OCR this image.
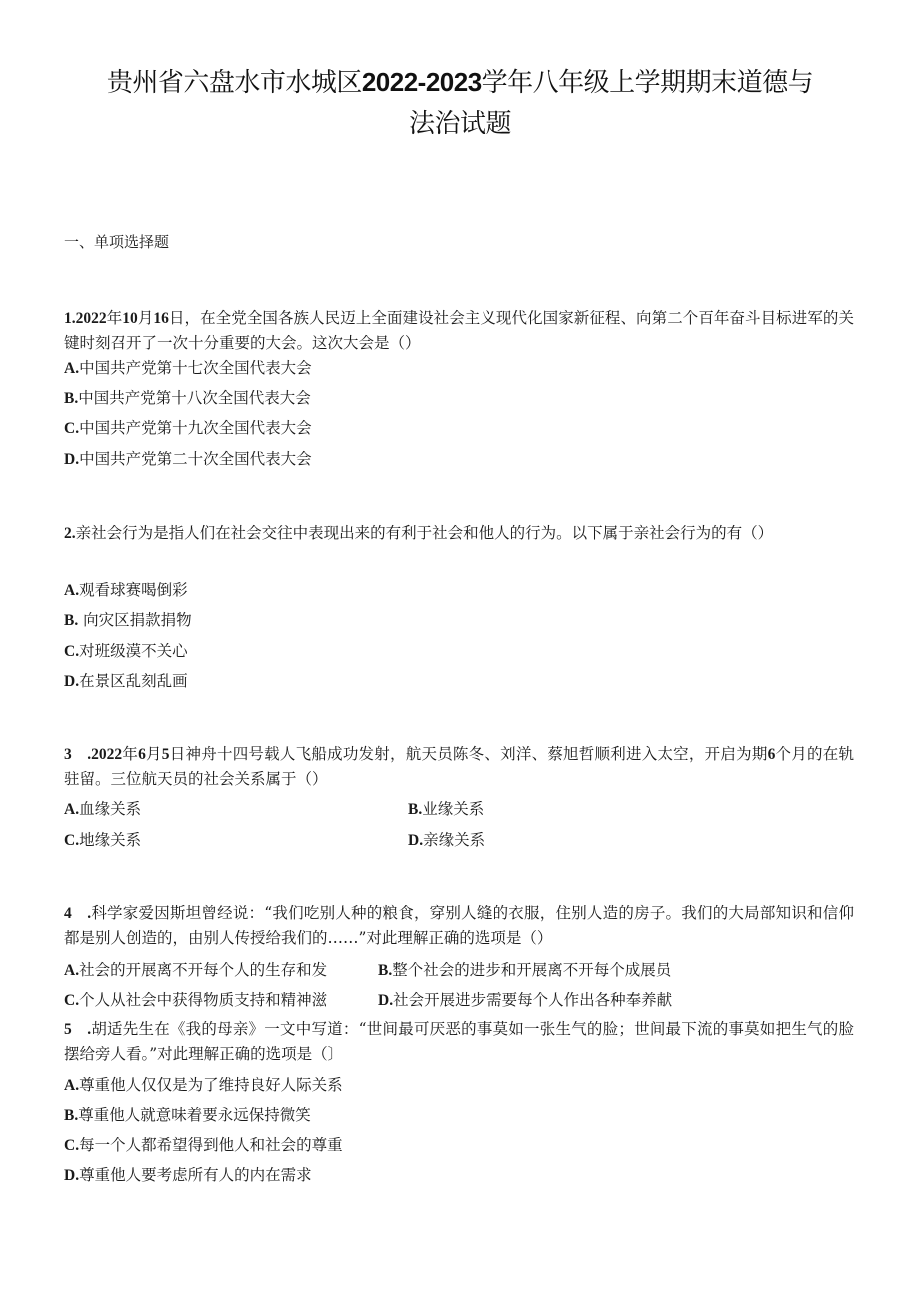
贵州省六盘水市水城区2022-2023学年八年级上学期期末道德与
法治试题
一、单项选择题
1.2022年10月16日，在全党全国各族人民迈上全面建设社会主义现代化国家新征程、向第二个百年奋斗目标进军的关键时刻召开了一次十分重要的大会。这次大会是（）
A.中国共产党第十七次全国代表大会
B.中国共产党第十八次全国代表大会
C.中国共产党第十九次全国代表大会
D.中国共产党第二十次全国代表大会
2.亲社会行为是指人们在社会交往中表现出来的有利于社会和他人的行为。以下属于亲社会行为的有（）
A.观看球赛喝倒彩
B. 向灾区捐款捐物
C.对班级漠不关心
D.在景区乱刻乱画
3 .2022年6月5日神舟十四号载人飞船成功发射，航天员陈冬、刘洋、蔡旭哲顺利进入太空，开启为期6个月的在轨驻留。三位航天员的社会关系属于（）
A.血缘关系	B.业缘关系
C.地缘关系	D.亲缘关系
4 .科学家爱因斯坦曾经说：“我们吃别人种的粮食，穿别人缝的衣服，住别人造的房子。我们的大局部知识和信仰都是别人创造的，由别人传授给我们的……”对此理解正确的选项是（）
A.社会的开展离不开每个人的生存和发	B.整个社会的进步和开展离不开每个成展员
C.个人从社会中获得物质支持和精神滋	D.社会开展进步需要每个人作出各种奉养献
5 .胡适先生在《我的母亲》一文中写道：“世间最可厌恶的事莫如一张生气的脸；世间最下流的事莫如把生气的脸摆给旁人看。”对此理解正确的选项是（〕
A.尊重他人仅仅是为了维持良好人际关系
B.尊重他人就意味着要永远保持微笑
C.每一个人都希望得到他人和社会的尊重
D.尊重他人要考虑所有人的内在需求
